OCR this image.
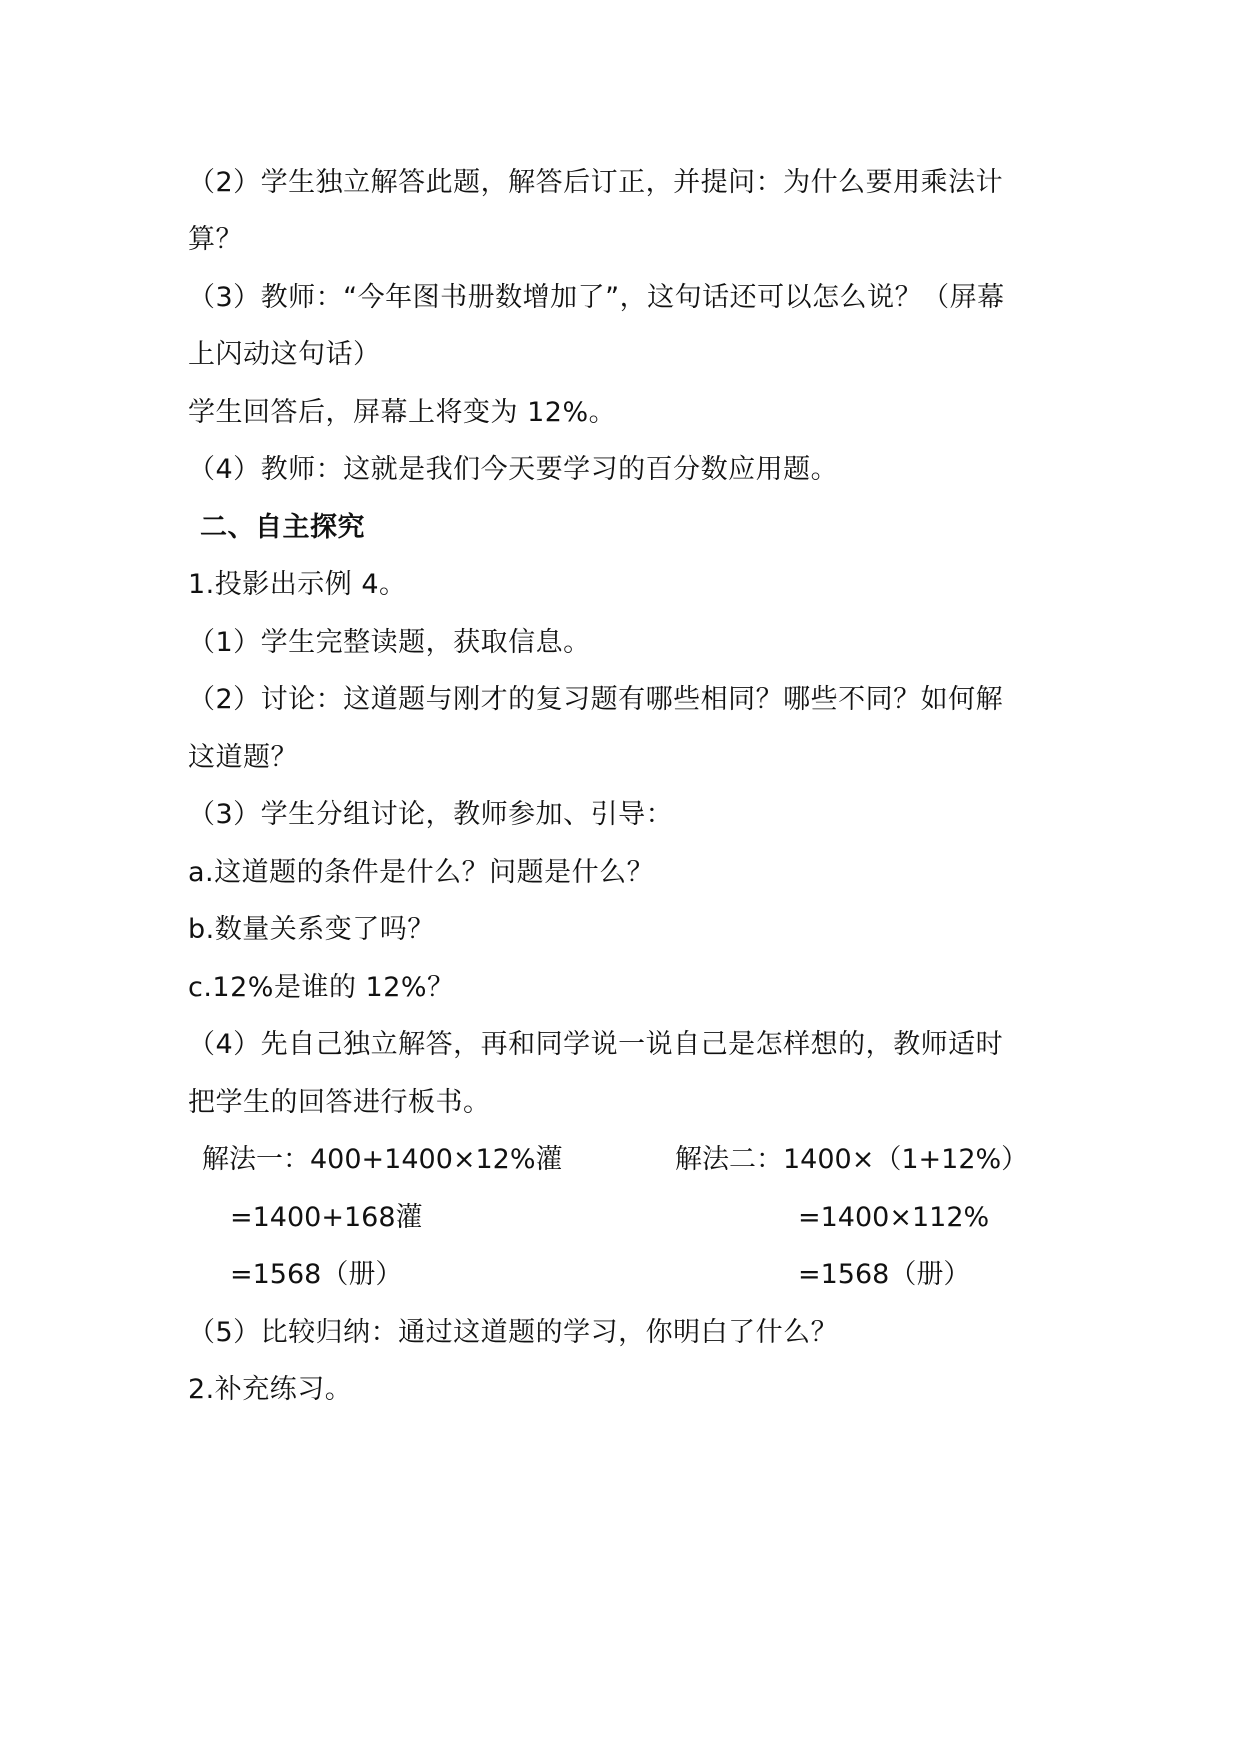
（2）学生独立解答此题，解答后订正，并提问：为什么要用乘法计
算？
（3）教师：“今年图书册数增加了”，这句话还可以怎么说？（屏幕
上闪动这句话）
学生回答后，屏幕上将变为 12%。
（4）教师：这就是我们今天要学习的百分数应用题。
二、自主探究
1.投影出示例 4。
（1）学生完整读题，获取信息。
（2）讨论：这道题与刚才的复习题有哪些相同？哪些不同？如何解
这道题？
（3）学生分组讨论，教师参加、引导：
a.这道题的条件是什么？问题是什么？
b.数量关系变了吗？
c.12%是谁的 12%？
（4）先自己独立解答，再和同学说一说自己是怎样想的，教师适时
把学生的回答进行板书。
解法一：400+1400×12%灌	解法二：1400×（1+12%）
=1400+168灌	=1400×112%
=1568（册）	=1568（册）
（5）比较归纳：通过这道题的学习，你明白了什么？
2.补充练习。
